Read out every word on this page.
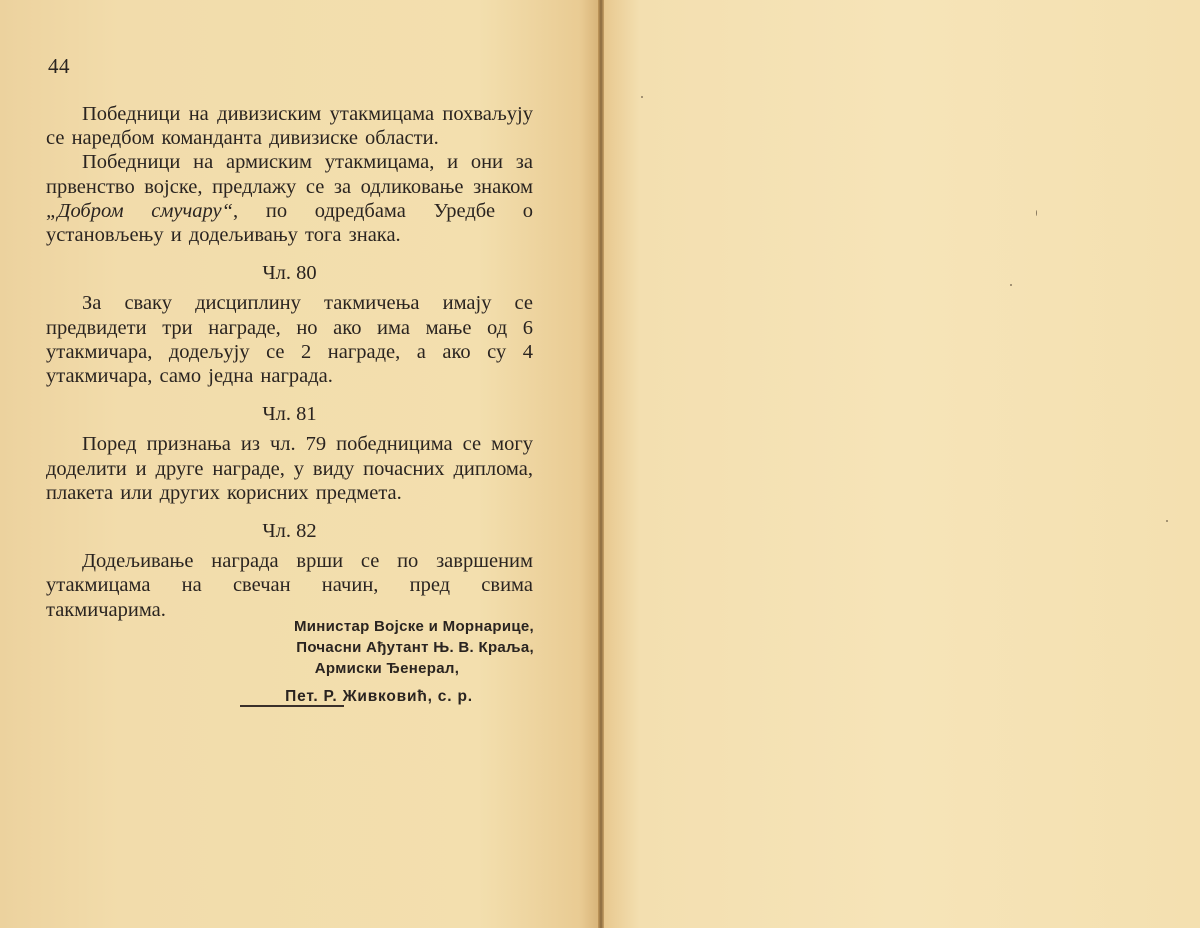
44

Победници на дивизиским утакмицама похваљују се наредбом команданта дивизиске области.

Победници на армиским утакмицама, и они за првенство војске, предлажу се за одликовање знаком „Добром смучару“, по одредбама Уредбе о установљењу и додељивању тога знака.

Чл. 80

За сваку дисциплину такмичења имају се предвидети три награде, но ако има мање од 6 утакмичара, додељују се 2 награде, а ако су 4 утакмичара, само једна награда.

Чл. 81

Поред признања из чл. 79 победницима се могу доделити и друге награде, у виду почасних диплома, плакета или других корисних предмета.

Чл. 82

Додељивање награда врши се по завршеним утакмицама на свечан начин, пред свима такмичарима.

Министар Војске и Морнарице,
Почасни Ађутант Њ. В. Краља,
Армиски Ђенерал,
Пет. Р. Живковић, с. р.
